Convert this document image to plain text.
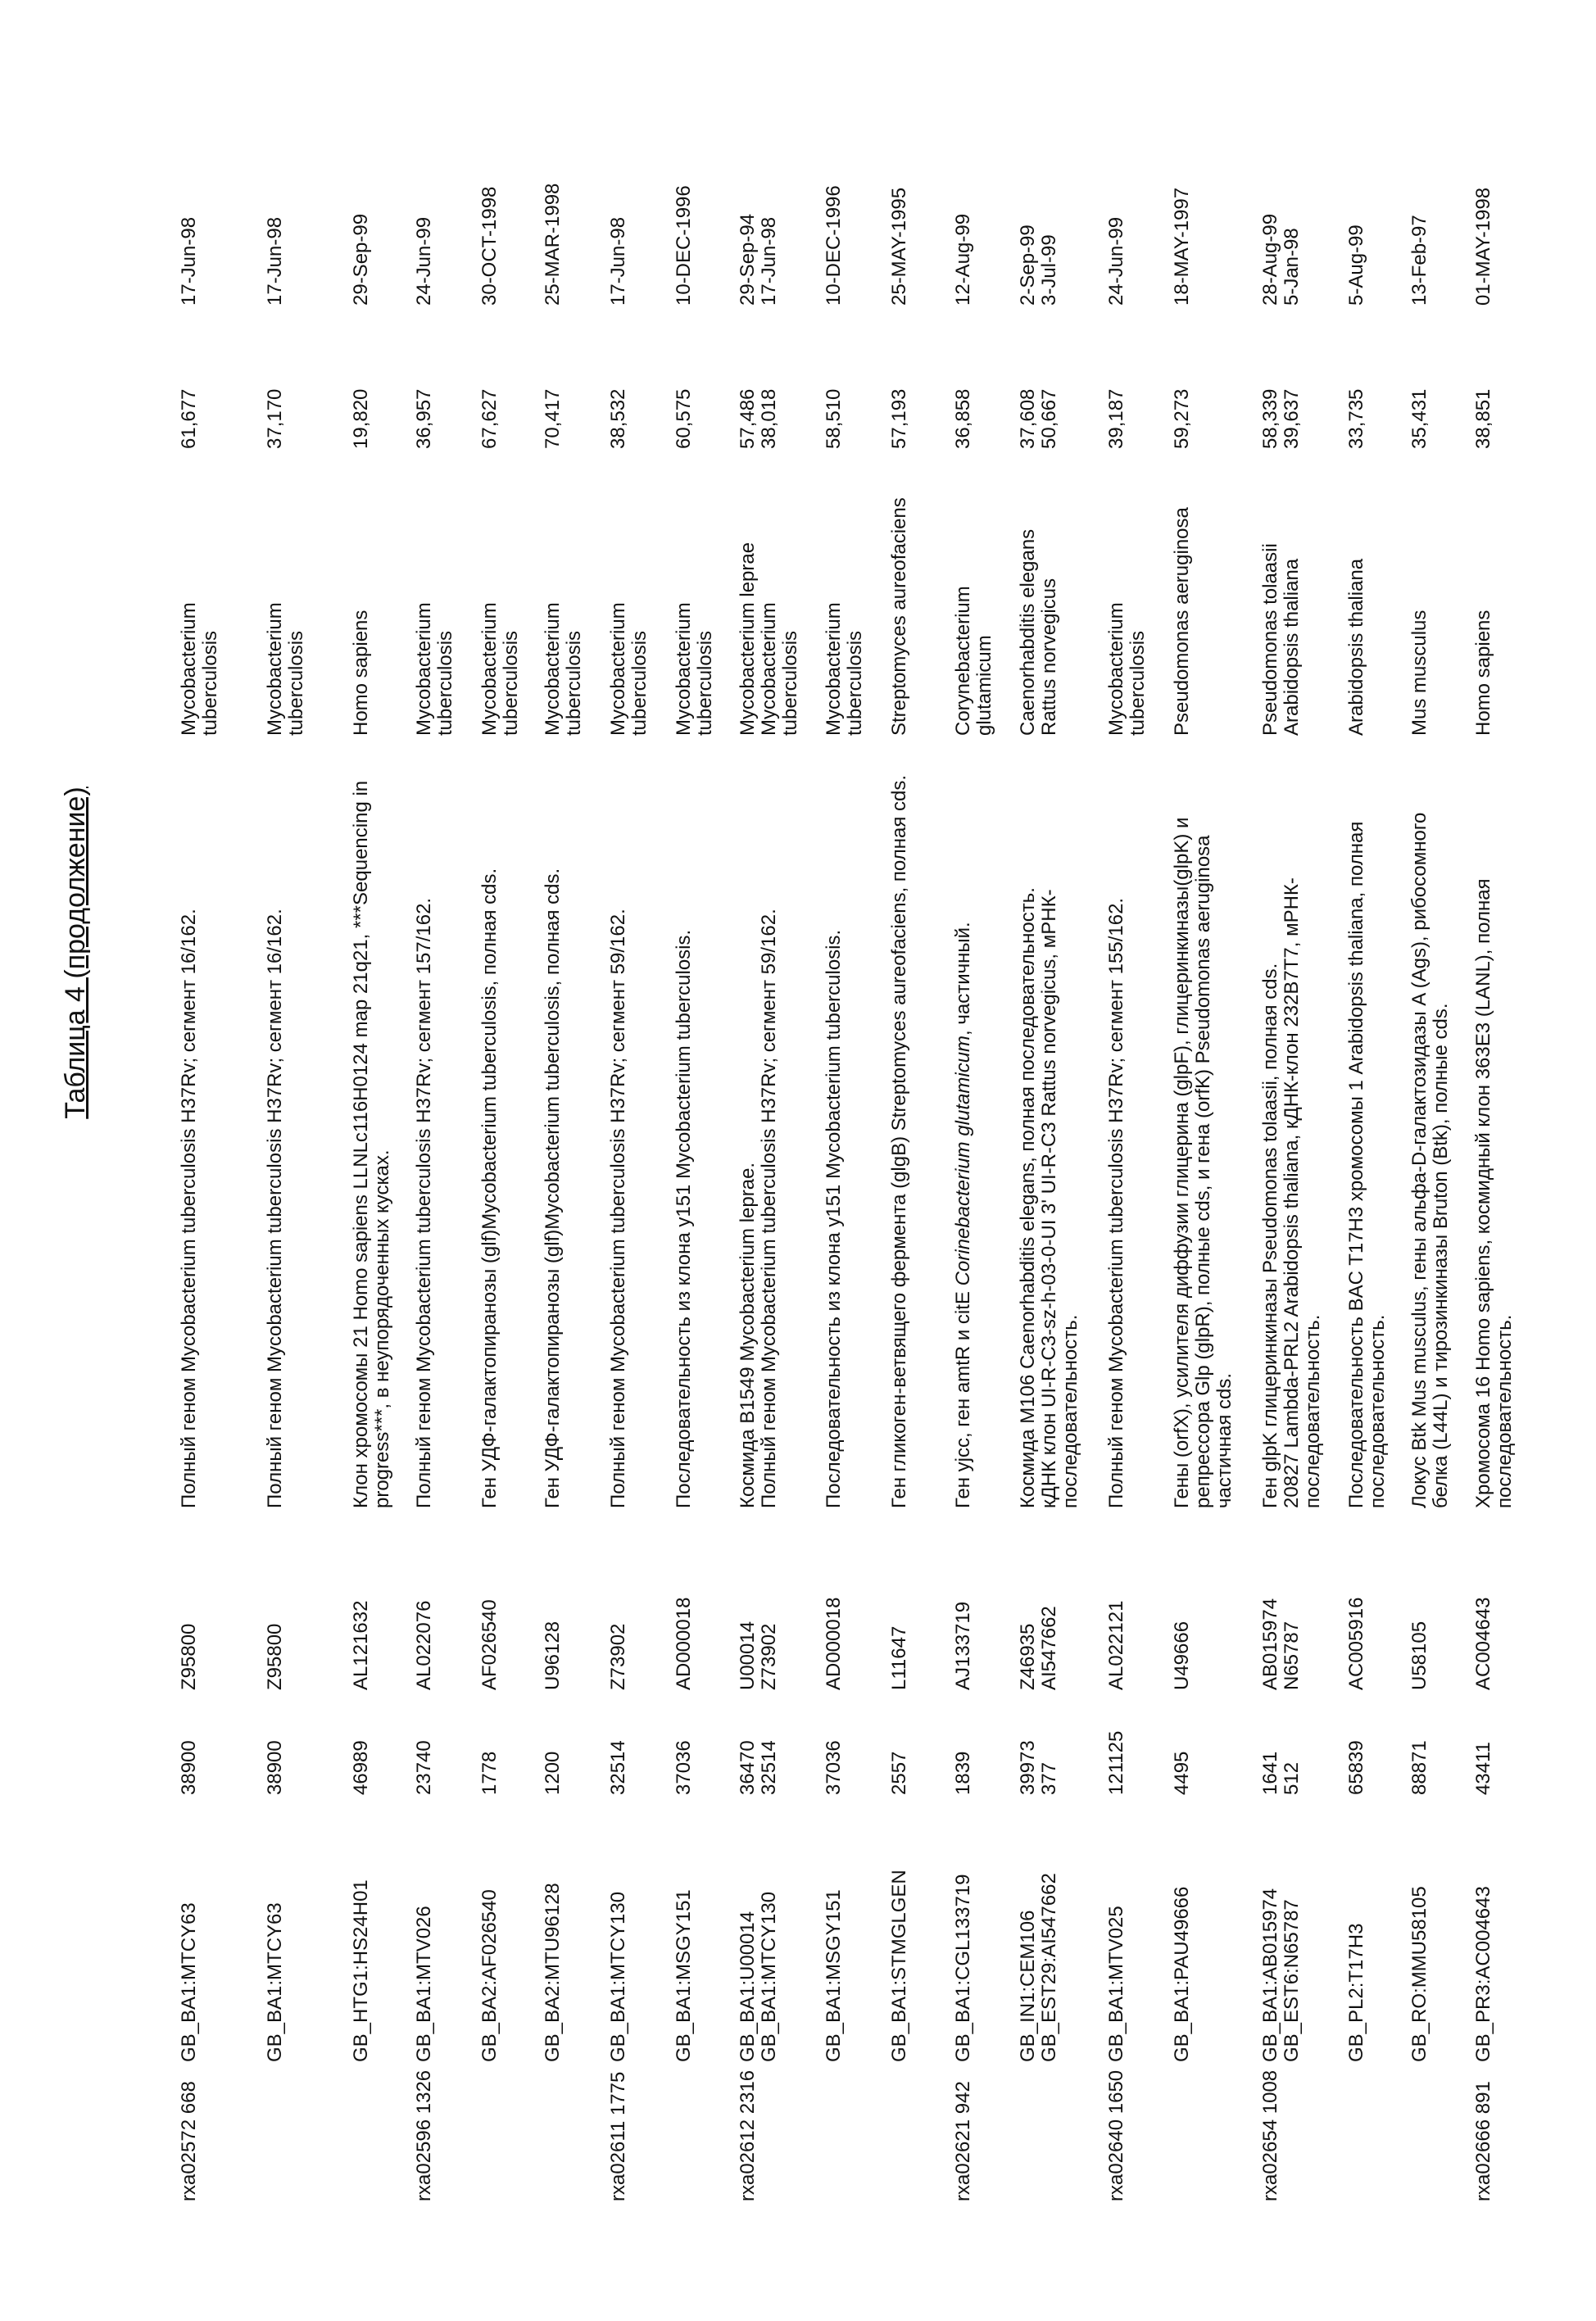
Таблица 4 (продолжение)
rxa02572 668
GB_BA1:MTCY63
38900
Z95800
Полный геном Mycobacterium tuberculosis H37Rv; сегмент 16/162.
Mycobacterium tuberculosis
61,677
17-Jun-98
GB_BA1:MTCY63
38900
Z95800
Полный геном Mycobacterium tuberculosis H37Rv; сегмент 16/162.
Mycobacterium tuberculosis
37,170
17-Jun-98
GB_HTG1:HS24H01
46989
AL121632
Клон хромосомы 21 Homo sapiens LLNLc116H0124 map 21q21, ***Sequencing in progress***, в неупорядоченных кусках.
Homo sapiens
19,820
29-Sep-99
rxa02596 1326
GB_BA1:MTV026
23740
AL022076
Полный геном Mycobacterium tuberculosis H37Rv; сегмент 157/162.
Mycobacterium tuberculosis
36,957
24-Jun-99
GB_BA2:AF026540
1778
AF026540
Ген УДФ-галактопиранозы (glf)Mycobacterium tuberculosis, полная cds.
Mycobacterium tuberculosis
67,627
30-OCT-1998
GB_BA2:MTU96128
1200
U96128
Ген УДФ-галактопиранозы (glf)Mycobacterium tuberculosis, полная cds.
Mycobacterium tuberculosis
70,417
25-MAR-1998
rxa02611 1775
GB_BA1:MTCY130
32514
Z73902
Полный геном Mycobacterium tuberculosis H37Rv; сегмент 59/162.
Mycobacterium tuberculosis
38,532
17-Jun-98
GB_BA1:MSGY151
37036
AD000018
Последовательность из клона y151 Mycobacterium tuberculosis.
Mycobacterium tuberculosis
60,575
10-DEC-1996
rxa02612 2316
GB_BA1:U00014 GB_BA1:MTCY130
36470 32514
U00014 Z73902
Космида B1549 Mycobacterium leprae. Полный геном Mycobacterium tuberculosis H37Rv; сегмент 59/162.
Mycobacterium leprae Mycobacterium tuberculosis
57,486 38,018
29-Sep-94 17-Jun-98
GB_BA1:MSGY151
37036
AD000018
Последовательность из клона y151 Mycobacterium tuberculosis.
Mycobacterium tuberculosis
58,510
10-DEC-1996
GB_BA1:STMGLGEN
2557
L11647
Ген гликоген-ветвящего фермента (glgB) Streptomyces aureofaciens, полная cds.
Streptomyces aureofaciens
57,193
25-MAY-1995
rxa02621 942
GB_BA1:CGL133719
1839
AJ133719
Ген yjcc, ген amtR и citE Corinebacterium glutamicum, частичный.
Corynebacterium glutamicum
36,858
12-Aug-99
GB_IN1:CEM106 GB_EST29:AI547662
39973 377
Z46935 AI547662
Космида M106 Caenorhabditis elegans, полная последовательность. кДНК клон UI-R-C3-sz-h-03-0-UI 3' UI-R-C3 Rattus norvegicus, мРНК-последовательность.
Caenorhabditis elegans Rattus norvegicus
37,608 50,667
2-Sep-99 3-Jul-99
rxa02640 1650
GB_BA1:MTV025
121125
AL022121
Полный геном Mycobacterium tuberculosis H37Rv; сегмент 155/162.
Mycobacterium tuberculosis
39,187
24-Jun-99
GB_BA1:PAU49666
4495
U49666
Гены (orfX), усилителя диффузии глицерина (glpF), глицеринкиназы(glpK) и репрессора Glp (glpR), полные cds, и гена (orfK) Pseudomonas aeruginosa частичная cds.
Pseudomonas aeruginosa
59,273
18-MAY-1997
rxa02654 1008
GB_BA1:AB015974 GB_EST6:N65787
1641 512
AB015974 N65787
Ген glpK глицеринкиназы Pseudomonas tolaasii, полная cds. 20827 Lambda-PRL2 Arabidopsis thaliana, кДНК-клон 232B7T7, мРНК-последовательность.
Pseudomonas tolaasii Arabidopsis thaliana
58,339 39,637
28-Aug-99 5-Jan-98
GB_PL2:T17H3
65839
AC005916
Последовательность BAC T17H3 хромосомы 1 Arabidopsis thaliana, полная последовательность.
Arabidopsis thaliana
33,735
5-Aug-99
GB_RO:MMU58105
88871
U58105
Локус Btk Mus musculus, гены альфа-D-галактозидазы A (Ags), рибосомного белка (L44L) и тирозинкиназы Bruton (Btk), полные cds.
Mus musculus
35,431
13-Feb-97
rxa02666 891
GB_PR3:AC004643
43411
AC004643
Хромосома 16 Homo sapiens, космидный клон 363E3 (LANL), полная последовательность.
Homo sapiens
38,851
01-MAY-1998
